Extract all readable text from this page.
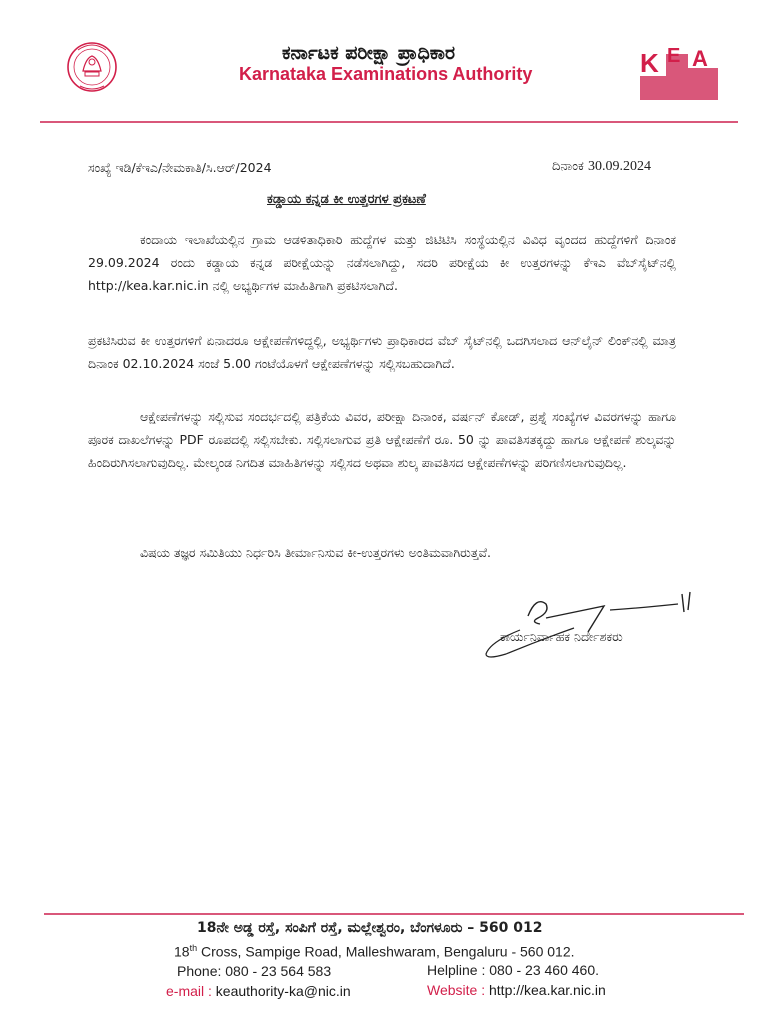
ಕರ್ನಾಟಕ ಪರೀಕ್ಷಾ ಪ್ರಾಧಿಕಾರ
Karnataka Examinations Authority	K E A
ಸಂಖ್ಯೆ ಇಡಿ/ಕೆಇಎ/ನೇಮಕಾತಿ/ಸಿ.ಆರ್/2024	ದಿನಾಂಕ 30.09.2024
ಕಡ್ಡಾಯ ಕನ್ನಡ ಕೀ ಉತ್ತರಗಳ ಪ್ರಕಟಣೆ
ಕಂದಾಯ ಇಲಾಖೆಯಲ್ಲಿನ ಗ್ರಾಮ ಆಡಳಿತಾಧಿಕಾರಿ ಹುದ್ದೆಗಳ ಮತ್ತು ಜಿಟಿಟಿಸಿ ಸಂಸ್ಥೆಯಲ್ಲಿನ ವಿವಿಧ ವೃಂದದ ಹುದ್ದೆಗಳಿಗೆ ದಿನಾಂಕ 29.09.2024 ರಂದು ಕಡ್ಡಾಯ ಕನ್ನಡ ಪರೀಕ್ಷೆಯನ್ನು ನಡೆಸಲಾಗಿದ್ದು, ಸದರಿ ಪರೀಕ್ಷೆಯ ಕೀ ಉತ್ತರಗಳನ್ನು ಕೆಇಎ ವೆಬ್‌ಸೈಟ್‌ನಲ್ಲಿ http://kea.kar.nic.in ನಲ್ಲಿ ಅಭ್ಯರ್ಥಿಗಳ ಮಾಹಿತಿಗಾಗಿ ಪ್ರಕಟಿಸಲಾಗಿದೆ.
ಪ್ರಕಟಿಸಿರುವ ಕೀ ಉತ್ತರಗಳಿಗೆ ಏನಾದರೂ ಆಕ್ಷೇಪಣೆಗಳಿದ್ದಲ್ಲಿ, ಅಭ್ಯರ್ಥಿಗಳು ಪ್ರಾಧಿಕಾರದ ವೆಬ್ ಸೈಟ್‌ನಲ್ಲಿ ಒದಗಿಸಲಾದ ಆನ್‌ಲೈನ್ ಲಿಂಕ್‌ನಲ್ಲಿ ಮಾತ್ರ ದಿನಾಂಕ 02.10.2024 ಸಂಜೆ 5.00 ಗಂಟೆಯೊಳಗೆ ಆಕ್ಷೇಪಣೆಗಳನ್ನು ಸಲ್ಲಿಸಬಹುದಾಗಿದೆ.
ಆಕ್ಷೇಪಣೆಗಳನ್ನು ಸಲ್ಲಿಸುವ ಸಂದರ್ಭದಲ್ಲಿ ಪತ್ರಿಕೆಯ ವಿವರ, ಪರೀಕ್ಷಾ ದಿನಾಂಕ, ವರ್ಷನ್ ಕೋಡ್, ಪ್ರಶ್ನೆ ಸಂಖ್ಯೆಗಳ ವಿವರಗಳನ್ನು ಹಾಗೂ ಪೂರಕ ದಾಖಲೆಗಳನ್ನು PDF ರೂಪದಲ್ಲಿ ಸಲ್ಲಿಸಬೇಕು. ಸಲ್ಲಿಸಲಾಗುವ ಪ್ರತಿ ಆಕ್ಷೇಪಣೆಗೆ ರೂ. 50 ನ್ನು ಪಾವತಿಸತಕ್ಕದ್ದು ಹಾಗೂ ಆಕ್ಷೇಪಣೆ ಶುಲ್ಕವನ್ನು ಹಿಂದಿರುಗಿಸಲಾಗುವುದಿಲ್ಲ. ಮೇಲ್ಕಂಡ ನಿಗದಿತ ಮಾಹಿತಿಗಳನ್ನು ಸಲ್ಲಿಸದ ಅಥವಾ ಶುಲ್ಕ ಪಾವತಿಸದ ಆಕ್ಷೇಪಣೆಗಳನ್ನು ಪರಿಗಣಿಸಲಾಗುವುದಿಲ್ಲ.
ವಿಷಯ ತಜ್ಞರ ಸಮಿತಿಯು ನಿರ್ಧರಿಸಿ ತೀರ್ಮಾನಿಸುವ ಕೀ-ಉತ್ತರಗಳು ಅಂತಿಮವಾಗಿರುತ್ತವೆ.
ಕಾರ್ಯನಿರ್ವಾಹಕ ನಿರ್ದೇಶಕರು
18ನೇ ಅಡ್ಡ ರಸ್ತೆ, ಸಂಪಿಗೆ ರಸ್ತೆ, ಮಲ್ಲೇಶ್ವರಂ, ಬೆಂಗಳೂರು – 560 012
18th Cross, Sampige Road, Malleshwaram, Bengaluru - 560 012.
Phone: 080 - 23 564 583	Helpline : 080 - 23 460 460.
e-mail : keauthority-ka@nic.in	Website : http://kea.kar.nic.in
